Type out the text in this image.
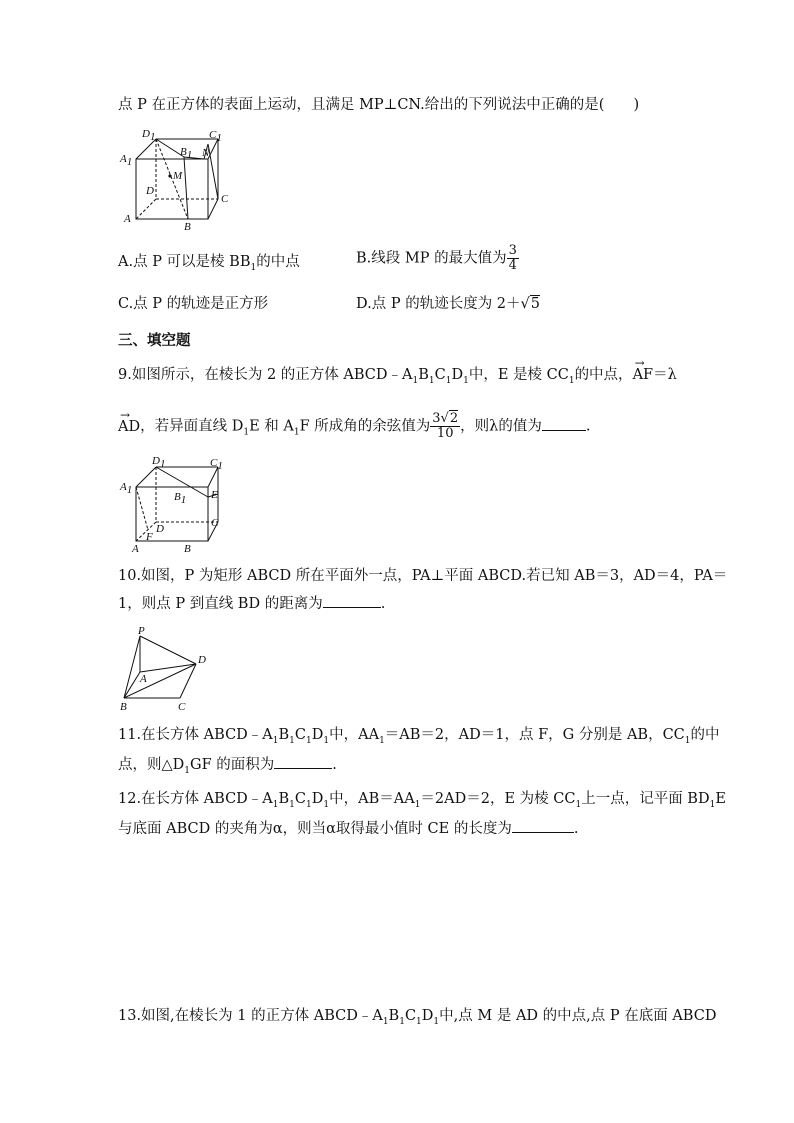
点 P 在正方体的表面上运动，且满足 MP⊥CN.给出的下列说法中正确的是(　　)
D1	C1
A1
B1 N
M
D
C
A
B
A.点 P 可以是棱 $BB_1$的中点	B.线段 MP 的最大值为 $\frac{3}{4}$
C.点 P 的轨迹是正方形	D.点 P 的轨迹长度为 2＋√5
三、填空题
9.如图所示，在棱长为 2 的正方体 $ABCD﹣A_1B_1C_1D_1$中，E 是棱 $CC_1$的中点，→ AF＝λ
→ AD，若异面直线 $D_1E$ 和 $A_1F$ 所成角的余弦值为 $\frac{3√2}{10}$ ，则λ的值为	.
D1	C1
A1
B1 E
C
D
F
A	B
10.如图，P 为矩形 ABCD 所在平面外一点，PA⊥平面 ABCD.若已知 AB＝3，AD＝4，PA＝
1，则点 P 到直线 BD 的距离为	.
P
D
A
B	C
11.在长方体 $ABCD﹣A_1B_1C_1D_1$中，$AA_1=AB=2$，AD＝1，点 F，G 分别是 AB，$CC_1$的中
点，则$\triangle D_1GF$ 的面积为	.
12.在长方体 $ABCD﹣A_1B_1C_1D_1$中，$AB=AA_1=2AD=2$，E 为棱 $CC_1$上一点，记平面 $BD_1E$
与底面 ABCD 的夹角为α，则当α取得最小值时 CE 的长度为	.
13.如图,在棱长为 1 的正方体 $ABCD﹣A_1B_1C_1D_1$中,点 M 是 AD 的中点,点 P 在底面 ABCD
